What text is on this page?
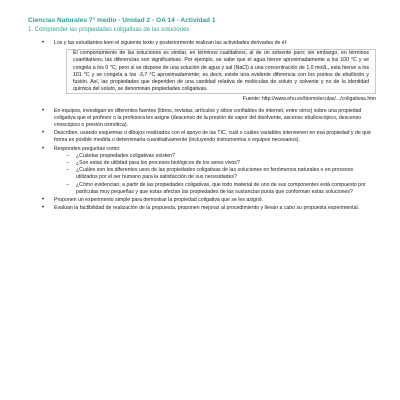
Ciencias Naturales 7° medio - Unidad 2 - OA 14 - Actividad 1
1. Comprender las propiedades coligativas de las soluciones
• Los y las estudiantes leen el siguiente texto y posteriormente realizan las actividades derivadas de él:
El comportamiento de las soluciones es similar, en términos cualitativos, al de un solvente puro; sin embargo, en términos cuantitativos, las diferencias son significativas. Por ejemplo, se sabe que el agua hierve aproximadamente a los 100 °C y se congela a los 0 °C, pero si se dispone de una solución de agua y sal (NaCl) a una concentración de 1,0 mol/L, esta hierve a los 101 °C y se congela a los -3,7 °C aproximadamente; es decir, existe una evidente diferencia con los puntos de ebullición y fusión. Así, las propiedades que dependen de una cantidad relativa de moléculas de soluto y solvente y no de la identidad química del soluto, se denominan propiedades coligativas.
Fuente: http://www.ehu.es/biomoleculas/.../coligativas.htm
• En equipos, investigan en diferentes fuentes (libros, revistas, artículos y sitios confiables de internet, entre otros) sobre una propiedad coligativa que el profesor o la profesora les asigne (descenso de la presión de vapor del disolvente, ascenso ebulloscópico, descenso crioscópico o presión osmótica).
• Describen, usando esquemas o dibujos realizados con el apoyo de las TIC, cuál o cuáles variables intervienen en esa propiedad y de qué forma es posible medirla o determinarla cuantitativamente (incluyendo instrumentos o equipos necesarios).
• Responden preguntas como:
− ¿Cuántas propiedades coligativas existen?
− ¿Son estas de utilidad para los procesos biológicos de los seres vivos?
− ¿Cuáles son los diferentes usos de las propiedades coligativas de las soluciones en fenómenos naturales o en procesos utilizados por el ser humano para la satisfacción de sus necesidades?
− ¿Cómo evidencian, a partir de las propiedades coligativas, que todo material de uno de sus componentes está compuesto por partículas muy pequeñas y que estas afectan las propiedades de las sustancias puras que conforman estas soluciones?
• Proponen un experimento simple para demostrar la propiedad coligativa que se les asignó.
• Evalúan la factibilidad de realización de la propuesta, proponen mejoras al procedimiento y llevan a cabo su propuesta experimental.
